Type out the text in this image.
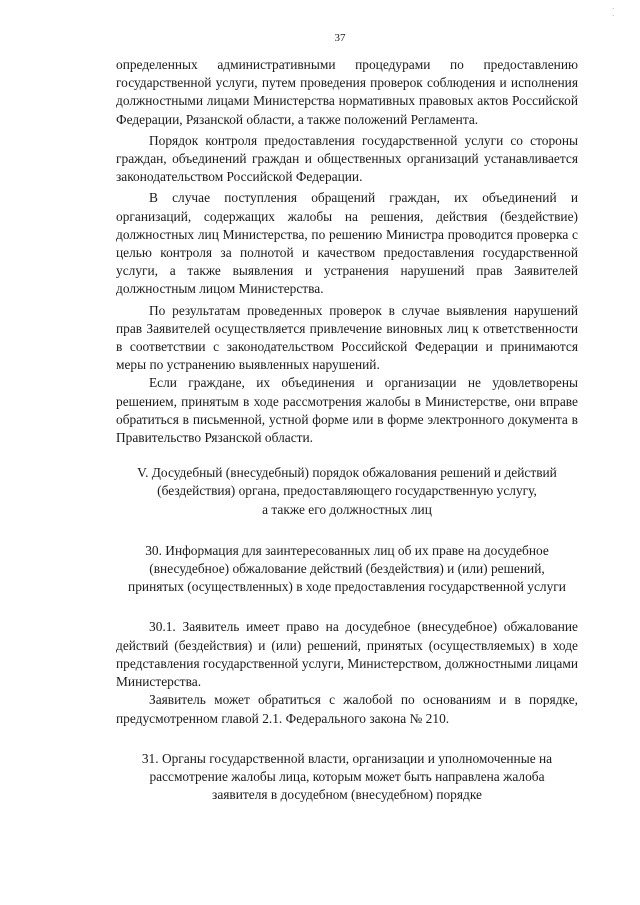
37
· ·

определенных административными процедурами по предоставлению государственной услуги, путем проведения проверок соблюдения и исполнения должностными лицами Министерства нормативных правовых актов Российской Федерации, Рязанской области, а также положений Регламента.

Порядок контроля предоставления государственной услуги со стороны граждан, объединений граждан и общественных организаций устанавливается законодательством Российской Федерации.

В случае поступления обращений граждан, их объединений и организаций, содержащих жалобы на решения, действия (бездействие) должностных лиц Министерства, по решению Министра проводится проверка с целью контроля за полнотой и качеством предоставления государственной услуги, а также выявления и устранения нарушений прав Заявителей должностным лицом Министерства.

По результатам проведенных проверок в случае выявления нарушений прав Заявителей осуществляется привлечение виновных лиц к ответственности в соответствии с законодательством Российской Федерации и принимаются меры по устранению выявленных нарушений.

Если граждане, их объединения и организации не удовлетворены решением, принятым в ходе рассмотрения жалобы в Министерстве, они вправе обратиться в письменной, устной форме или в форме электронного документа в Правительство Рязанской области.

V. Досудебный (внесудебный) порядок обжалования решений и действий

(бездействия) органа, предоставляющего государственную услугу,

а также его должностных лиц

30. Информация для заинтересованных лиц об их праве на досудебное

(внесудебное) обжалование действий (бездействия) и (или) решений,

принятых (осуществленных) в ходе предоставления государственной услуги

30.1. Заявитель имеет право на досудебное (внесудебное) обжалование действий (бездействия) и (или) решений, принятых (осуществляемых) в ходе представления государственной услуги, Министерством, должностными лицами Министерства.

Заявитель может обратиться с жалобой по основаниям и в порядке, предусмотренном главой 2.1. Федерального закона № 210.

31. Органы государственной власти, организации и уполномоченные на

рассмотрение жалобы лица, которым может быть направлена жалоба

заявителя в досудебном (внесудебном) порядке
